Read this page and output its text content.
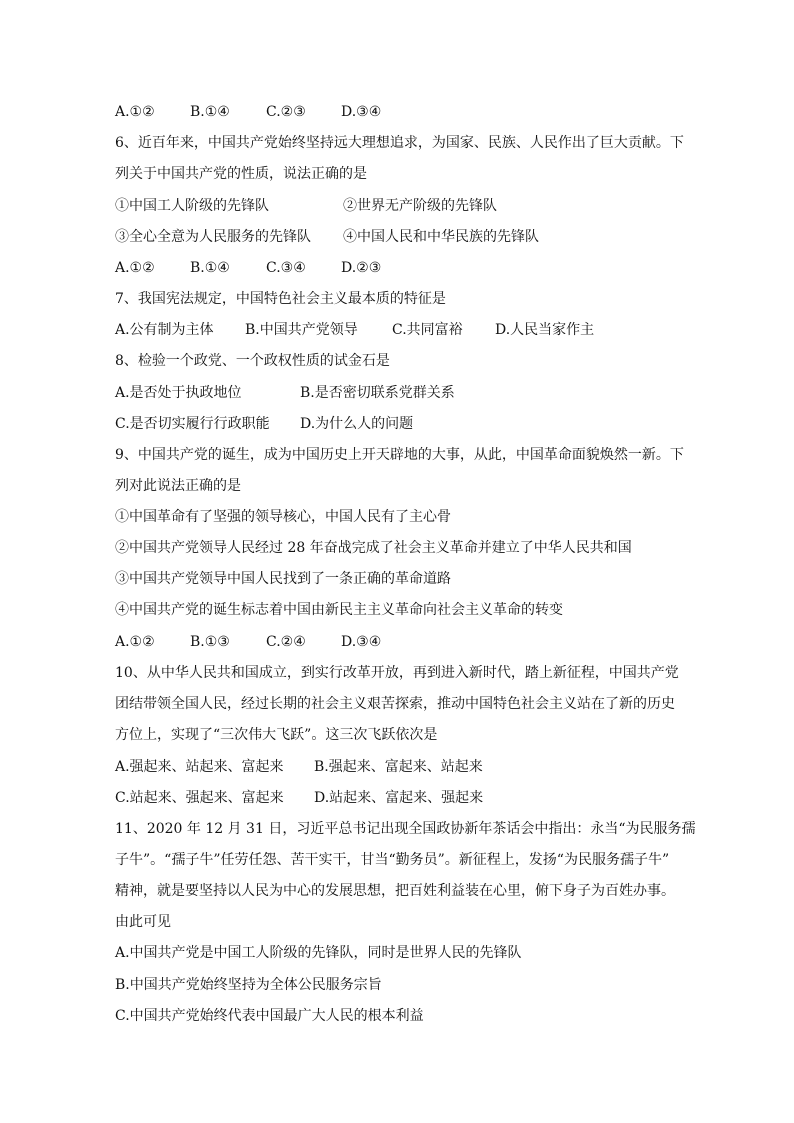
A.①②	B.①④	C.②③	D.③④
6、近百年来，中国共产党始终坚持远大理想追求，为国家、民族、人民作出了巨大贡献。下
列关于中国共产党的性质，说法正确的是
①中国工人阶级的先锋队	②世界无产阶级的先锋队
③全心全意为人民服务的先锋队 ④中国人民和中华民族的先锋队
A.①②	B.①④	C.③④	D.②③
7、我国宪法规定，中国特色社会主义最本质的特征是
A.公有制为主体 B.中国共产党领导 C.共同富裕 D.人民当家作主
8、检验一个政党、一个政权性质的试金石是
A.是否处于执政地位	B.是否密切联系党群关系
C.是否切实履行行政职能 D.为什么人的问题
9、中国共产党的诞生，成为中国历史上开天辟地的大事，从此，中国革命面貌焕然一新。下
列对此说法正确的是
①中国革命有了坚强的领导核心，中国人民有了主心骨
②中国共产党领导人民经过 28 年奋战完成了社会主义革命并建立了中华人民共和国
③中国共产党领导中国人民找到了一条正确的革命道路
④中国共产党的诞生标志着中国由新民主主义革命向社会主义革命的转变
A.①②	B.①③	C.②④	D.③④
10、从中华人民共和国成立，到实行改革开放，再到进入新时代，踏上新征程，中国共产党
团结带领全国人民，经过长期的社会主义艰苦探索，推动中国特色社会主义站在了新的历史
方位上，实现了“三次伟大飞跃”。这三次飞跃依次是
A.强起来、站起来、富起来 B.强起来、富起来、站起来
C.站起来、强起来、富起来 D.站起来、富起来、强起来
11、2020 年 12 月 31 日，习近平总书记出现全国政协新年茶话会中指出：永当“为民服务孺
子牛”。“孺子牛”任劳任怨、苦干实干，甘当“勤务员”。新征程上，发扬“为民服务孺子牛”
精神，就是要坚持以人民为中心的发展思想，把百姓利益装在心里，俯下身子为百姓办事。
由此可见
A.中国共产党是中国工人阶级的先锋队，同时是世界人民的先锋队
B.中国共产党始终坚持为全体公民服务宗旨
C.中国共产党始终代表中国最广大人民的根本利益
